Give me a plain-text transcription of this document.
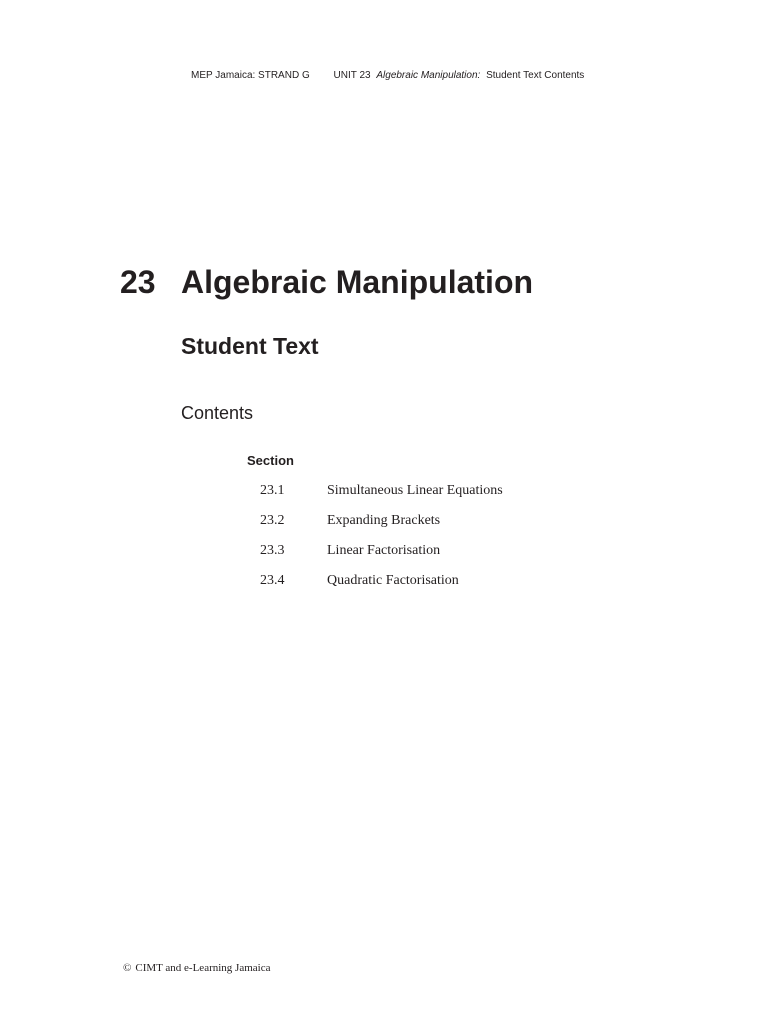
MEP Jamaica: STRAND G UNIT 23 Algebraic Manipulation: Student Text Contents
23 Algebraic Manipulation
Student Text
Contents
Section
23.1	Simultaneous Linear Equations
23.2	Expanding Brackets
23.3	Linear Factorisation
23.4	Quadratic Factorisation
© CIMT and e-Learning Jamaica
